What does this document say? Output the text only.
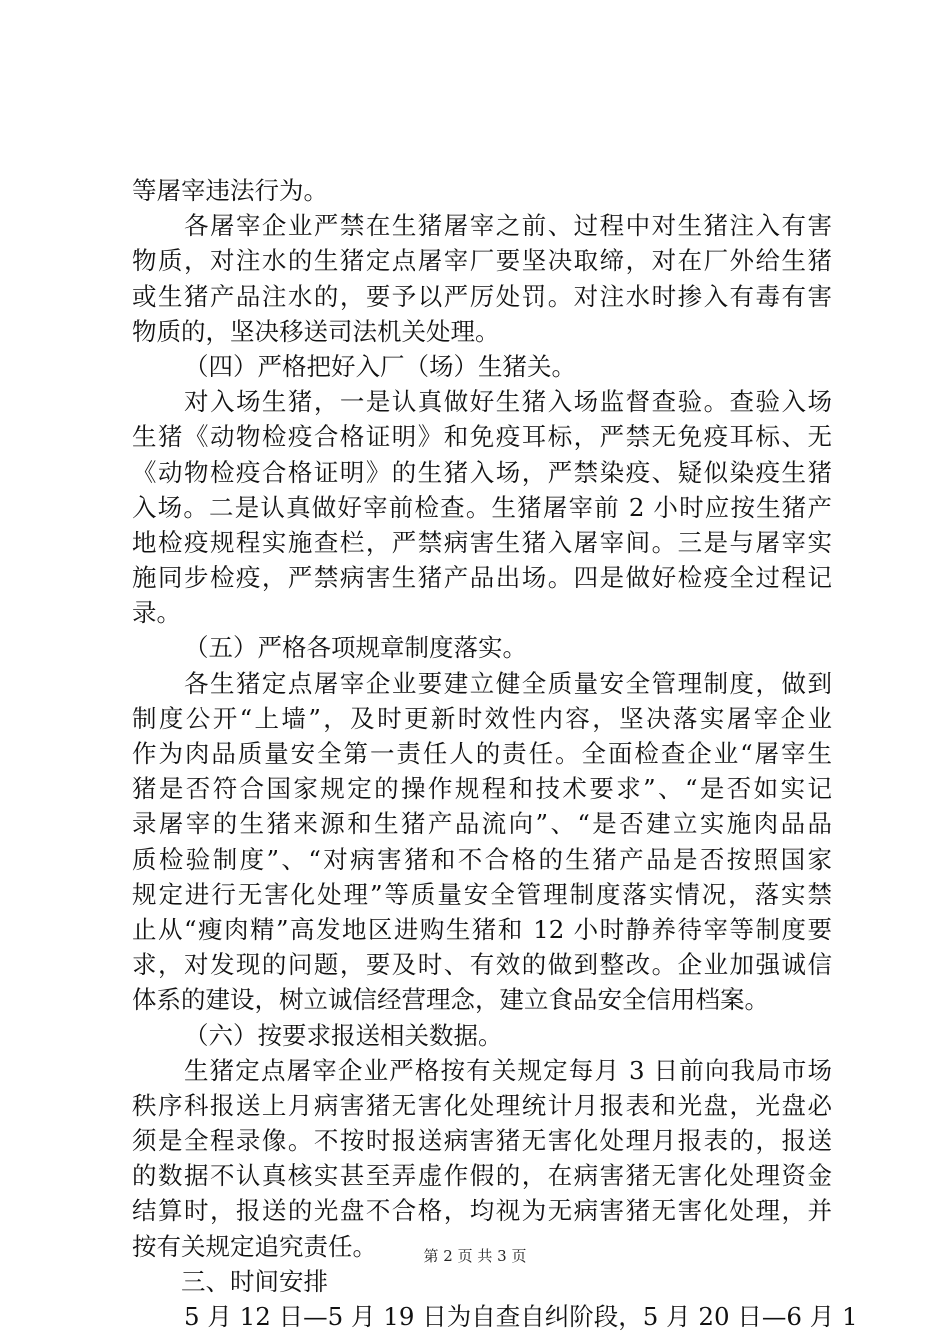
等屠宰违法行为。
各屠宰企业严禁在生猪屠宰之前、过程中对生猪注入有害
物质，对注水的生猪定点屠宰厂要坚决取缔，对在厂外给生猪
或生猪产品注水的，要予以严厉处罚。对注水时掺入有毒有害
物质的，坚决移送司法机关处理。
（四）严格把好入厂（场）生猪关。
对入场生猪，一是认真做好生猪入场监督查验。查验入场
生猪《动物检疫合格证明》和免疫耳标，严禁无免疫耳标、无
《动物检疫合格证明》的生猪入场，严禁染疫、疑似染疫生猪
入场。二是认真做好宰前检查。生猪屠宰前 2 小时应按生猪产
地检疫规程实施查栏，严禁病害生猪入屠宰间。三是与屠宰实
施同步检疫，严禁病害生猪产品出场。四是做好检疫全过程记
录。
（五）严格各项规章制度落实。
各生猪定点屠宰企业要建立健全质量安全管理制度，做到
制度公开“上墙”，及时更新时效性内容，坚决落实屠宰企业
作为肉品质量安全第一责任人的责任。全面检查企业“屠宰生
猪是否符合国家规定的操作规程和技术要求”、“是否如实记
录屠宰的生猪来源和生猪产品流向”、“是否建立实施肉品品
质检验制度”、“对病害猪和不合格的生猪产品是否按照国家
规定进行无害化处理”等质量安全管理制度落实情况，落实禁
止从“瘦肉精”高发地区进购生猪和 12 小时静养待宰等制度要
求，对发现的问题，要及时、有效的做到整改。企业加强诚信
体系的建设，树立诚信经营理念，建立食品安全信用档案。
（六）按要求报送相关数据。
生猪定点屠宰企业严格按有关规定每月 3 日前向我局市场
秩序科报送上月病害猪无害化处理统计月报表和光盘，光盘必
须是全程录像。不按时报送病害猪无害化处理月报表的，报送
的数据不认真核实甚至弄虚作假的，在病害猪无害化处理资金
结算时，报送的光盘不合格，均视为无病害猪无害化处理，并
按有关规定追究责任。
三、时间安排
5 月 12 日—5 月 19 日为自查自纠阶段，5 月 20 日—6 月 1
第 2 页 共 3 页
